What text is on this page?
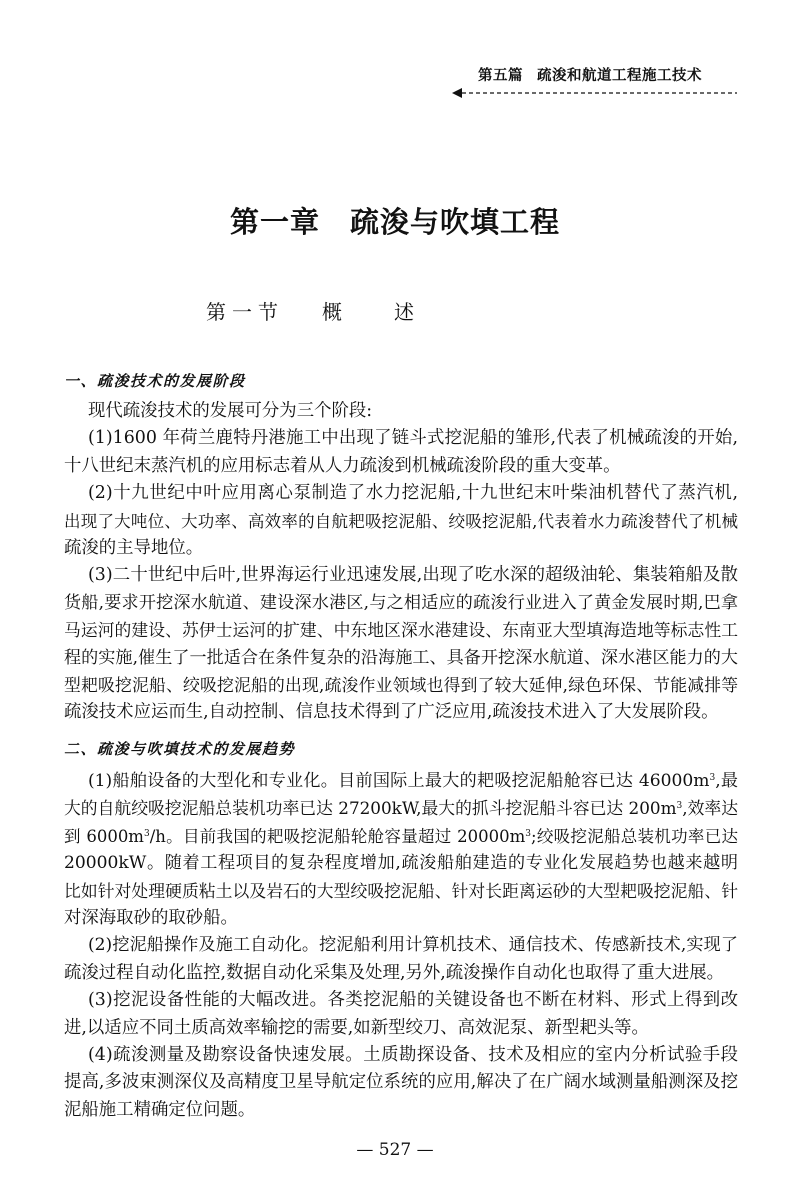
第五篇 疏浚和航道工程施工技术
第一章 疏浚与吹填工程
第一节 概	述
一、疏浚技术的发展阶段
现代疏浚技术的发展可分为三个阶段:
(1)1600 年荷兰鹿特丹港施工中出现了链斗式挖泥船的雏形,代表了机械疏浚的开始,
十八世纪末蒸汽机的应用标志着从人力疏浚到机械疏浚阶段的重大变革。
(2)十九世纪中叶应用离心泵制造了水力挖泥船,十九世纪末叶柴油机替代了蒸汽机,
出现了大吨位、大功率、高效率的自航耙吸挖泥船、绞吸挖泥船,代表着水力疏浚替代了机械
疏浚的主导地位。
(3)二十世纪中后叶,世界海运行业迅速发展,出现了吃水深的超级油轮、集装箱船及散
货船,要求开挖深水航道、建设深水港区,与之相适应的疏浚行业进入了黄金发展时期,巴拿
马运河的建设、苏伊士运河的扩建、中东地区深水港建设、东南亚大型填海造地等标志性工
程的实施,催生了一批适合在条件复杂的沿海施工、具备开挖深水航道、深水港区能力的大
型耙吸挖泥船、绞吸挖泥船的出现,疏浚作业领域也得到了较大延伸,绿色环保、节能减排等
疏浚技术应运而生,自动控制、信息技术得到了广泛应用,疏浚技术进入了大发展阶段。
二、疏浚与吹填技术的发展趋势
(1)船舶设备的大型化和专业化。目前国际上最大的耙吸挖泥船舱容已达 $46000m^3$,最
大的自航绞吸挖泥船总装机功率已达 27200kW,最大的抓斗挖泥船斗容已达 $200m^3$,效率达
到 $6000m^3/h$。目前我国的耙吸挖泥船轮舱容量超过 $20000m^3$;绞吸挖泥船总装机功率已达
20000kW。随着工程项目的复杂程度增加,疏浚船舶建造的专业化发展趋势也越来越明
比如针对处理硬质粘土以及岩石的大型绞吸挖泥船、针对长距离运砂的大型耙吸挖泥船、针
对深海取砂的取砂船。
(2)挖泥船操作及施工自动化。挖泥船利用计算机技术、通信技术、传感新技术,实现了
疏浚过程自动化监控,数据自动化采集及处理,另外,疏浚操作自动化也取得了重大进展。
(3)挖泥设备性能的大幅改进。各类挖泥船的关键设备也不断在材料、形式上得到改
进,以适应不同土质高效率输挖的需要,如新型绞刀、高效泥泵、新型耙头等。
(4)疏浚测量及勘察设备快速发展。土质勘探设备、技术及相应的室内分析试验手段
提高,多波束测深仪及高精度卫星导航定位系统的应用,解决了在广阔水域测量船测深及挖
泥船施工精确定位问题。
— 527 —
